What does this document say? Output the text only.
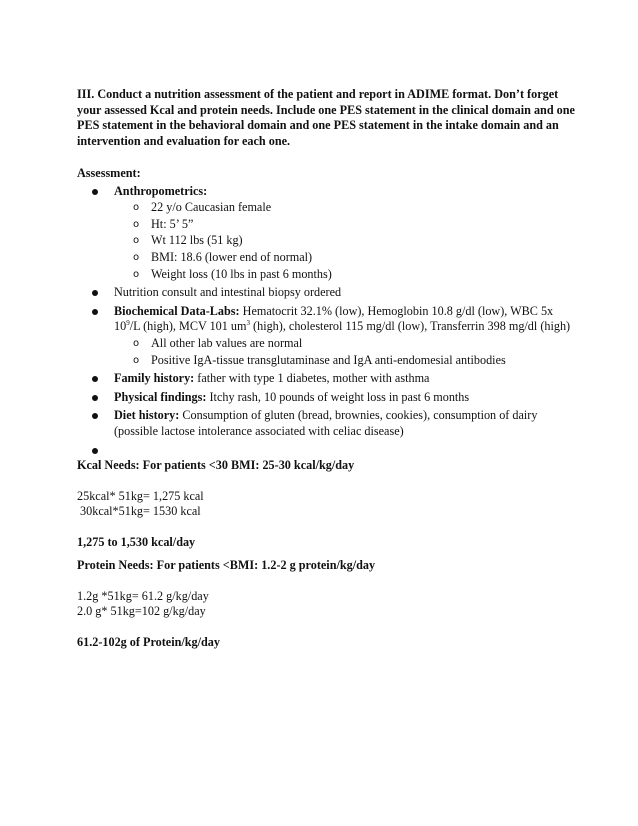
III. Conduct a nutrition assessment of the patient and report in ADIME format. Don’t forget your assessed Kcal and protein needs. Include one PES statement in the clinical domain and one PES statement in the behavioral domain and one PES statement in the intake domain and an intervention and evaluation for each one.

Assessment:

Anthropometrics:
o 22 y/o Caucasian female
o Ht: 5’ 5”
o Wt 112 lbs (51 kg)
o BMI: 18.6 (lower end of normal)
o Weight loss (10 lbs in past 6 months)
Nutrition consult and intestinal biopsy ordered
Biochemical Data-Labs: Hematocrit 32.1% (low), Hemoglobin 10.8 g/dl (low), WBC 5x $10^9/L$ (high), MCV 101 $um^3$ (high), cholesterol 115 mg/dl (low), Transferrin 398 mg/dl (high)
o All other lab values are normal
o Positive IgA-tissue transglutaminase and IgA anti-endomesial antibodies
Family history: father with type 1 diabetes, mother with asthma
Physical findings: Itchy rash, 10 pounds of weight loss in past 6 months
Diet history: Consumption of gluten (bread, brownies, cookies), consumption of dairy (possible lactose intolerance associated with celiac disease)

Kcal Needs: For patients <30 BMI: 25-30 kcal/kg/day

25kcal* 51kg= 1,275 kcal

30kcal*51kg= 1530 kcal

1,275 to 1,530 kcal/day

Protein Needs: For patients <BMI: 1.2-2 g protein/kg/day

1.2g *51kg= 61.2 g/kg/day

2.0 g* 51kg=102 g/kg/day

61.2-102g of Protein/kg/day
